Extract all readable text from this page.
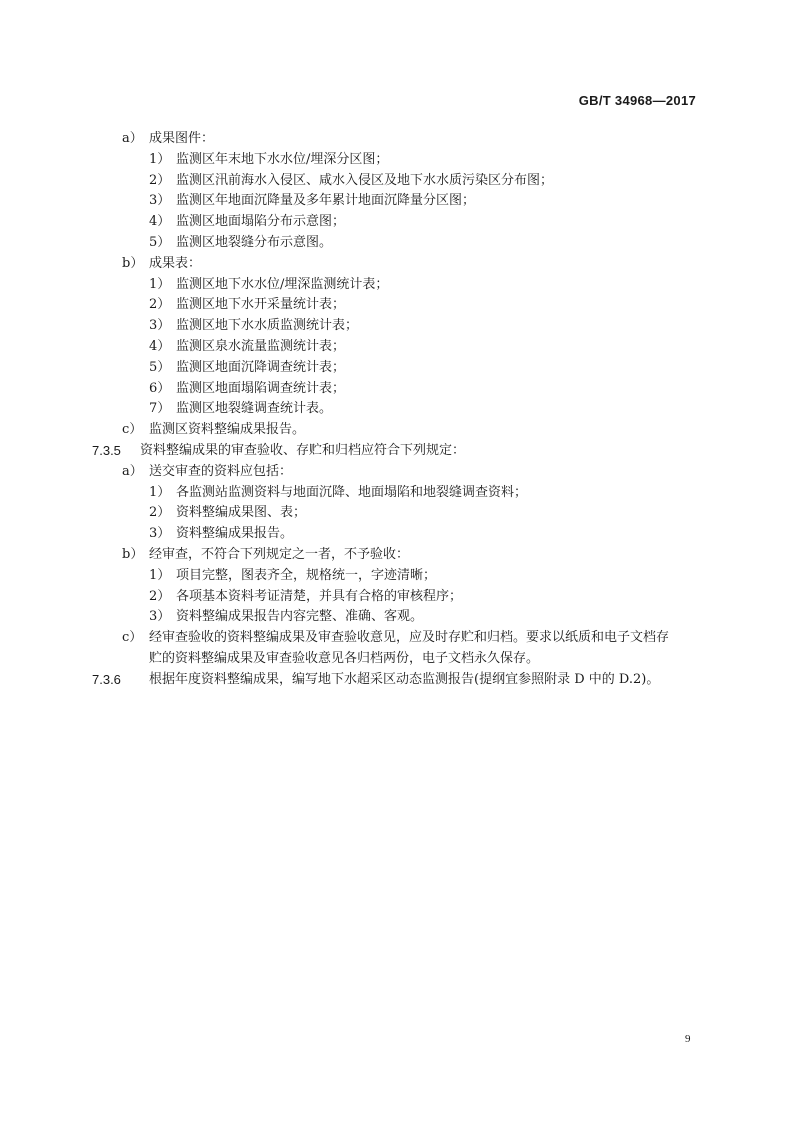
GB/T 34968—2017
a） 成果图件：
1） 监测区年末地下水水位/埋深分区图；
2） 监测区汛前海水入侵区、咸水入侵区及地下水水质污染区分布图；
3） 监测区年地面沉降量及多年累计地面沉降量分区图；
4） 监测区地面塌陷分布示意图；
5） 监测区地裂缝分布示意图。
b） 成果表：
1） 监测区地下水水位/埋深监测统计表；
2） 监测区地下水开采量统计表；
3） 监测区地下水水质监测统计表；
4） 监测区泉水流量监测统计表；
5） 监测区地面沉降调查统计表；
6） 监测区地面塌陷调查统计表；
7） 监测区地裂缝调查统计表。
c） 监测区资料整编成果报告。
7.3.5 资料整编成果的审查验收、存贮和归档应符合下列规定：
a） 送交审查的资料应包括：
1） 各监测站监测资料与地面沉降、地面塌陷和地裂缝调查资料；
2） 资料整编成果图、表；
3） 资料整编成果报告。
b） 经审查，不符合下列规定之一者，不予验收：
1） 项目完整，图表齐全，规格统一，字迹清晰；
2） 各项基本资料考证清楚，并具有合格的审核程序；
3） 资料整编成果报告内容完整、准确、客观。
c） 经审查验收的资料整编成果及审查验收意见，应及时存贮和归档。要求以纸质和电子文档存
贮的资料整编成果及审查验收意见各归档两份，电子文档永久保存。
7.3.6 根据年度资料整编成果，编写地下水超采区动态监测报告(提纲宜参照附录 D 中的 D.2)。
9
